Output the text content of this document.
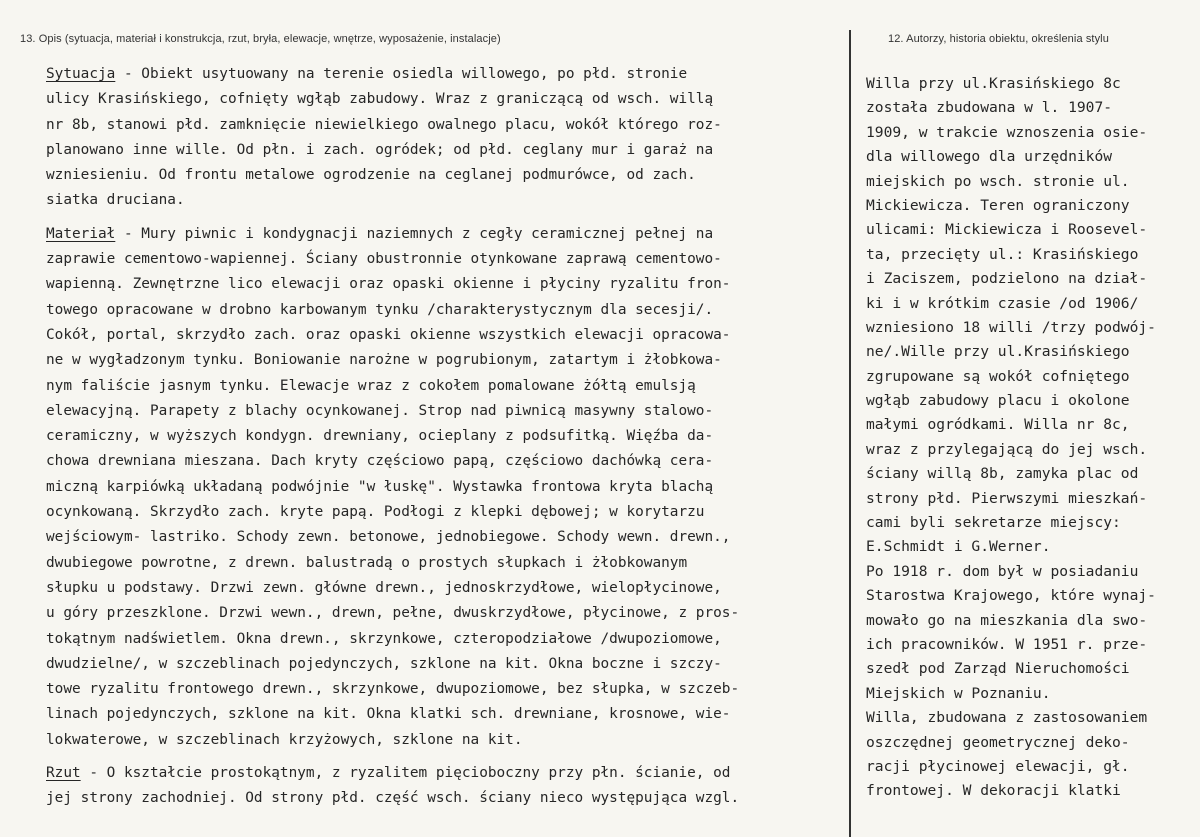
13. Opis (sytuacja, materiał i konstrukcja, rzut, bryła, elewacje, wnętrze, wyposażenie, instalacje)	12. Autorzy, historia obiektu, określenia stylu
Sytuacja - Obiekt usytuowany na terenie osiedla willowego, po płd. stronie
ulicy Krasińskiego, cofnięty wgłąb zabudowy. Wraz z graniczącą od wsch. willą
nr 8b, stanowi płd. zamknięcie niewielkiego owalnego placu, wokół którego roz-
planowano inne wille. Od płn. i zach. ogródek; od płd. ceglany mur i garaż na
wzniesieniu. Od frontu metalowe ogrodzenie na ceglanej podmurówce, od zach.
siatka druciana.
Materiał - Mury piwnic i kondygnacji naziemnych z cegły ceramicznej pełnej na
zaprawie cementowo-wapiennej. Ściany obustronnie otynkowane zaprawą cementowo-
wapienną. Zewnętrzne lico elewacji oraz opaski okienne i płyciny ryzalitu fron-
towego opracowane w drobno karbowanym tynku /charakterystycznym dla secesji/.
Cokół, portal, skrzydło zach. oraz opaski okienne wszystkich elewacji opracowa-
ne w wygładzonym tynku. Boniowanie narożne w pogrubionym, zatartym i żłobkowa-
nym faliście jasnym tynku. Elewacje wraz z cokołem pomalowane żółtą emulsją
elewacyjną. Parapety z blachy ocynkowanej. Strop nad piwnicą masywny stalowo-
ceramiczny, w wyższych kondygn. drewniany, ocieplany z podsufitką. Więźba da-
chowa drewniana mieszana. Dach kryty częściowo papą, częściowo dachówką cera-
miczną karpiówką układaną podwójnie "w łuskę". Wystawka frontowa kryta blachą
ocynkowaną. Skrzydło zach. kryte papą. Podłogi z klepki dębowej; w korytarzu
wejściowym- lastriko. Schody zewn. betonowe, jednobiegowe. Schody wewn. drewn.,
dwubiegowe powrotne, z drewn. balustradą o prostych słupkach i żłobkowanym
słupku u podstawy. Drzwi zewn. główne drewn., jednoskrzydłowe, wielopłycinowe,
u góry przeszklone. Drzwi wewn., drewn, pełne, dwuskrzydłowe, płycinowe, z pros-
tokątnym nadświetlem. Okna drewn., skrzynkowe, czteropodziałowe /dwupoziomowe,
dwudzielne/, w szczeblinach pojedynczych, szklone na kit. Okna boczne i szczy-
towe ryzalitu frontowego drewn., skrzynkowe, dwupoziomowe, bez słupka, w szczeb-
linach pojedynczych, szklone na kit. Okna klatki sch. drewniane, krosnowe, wie-
lokwaterowe, w szczeblinach krzyżowych, szklone na kit.
Rzut - O kształcie prostokątnym, z ryzalitem pięcioboczny przy płn. ścianie, od
jej strony zachodniej. Od strony płd. część wsch. ściany nieco występująca wzgl.
Willa przy ul.Krasińskiego 8c
została zbudowana w l. 1907-
1909, w trakcie wznoszenia osie-
dla willowego dla urzędników
miejskich po wsch. stronie ul.
Mickiewicza. Teren ograniczony
ulicami: Mickiewicza i Roosevel-
ta, przecięty ul.: Krasińskiego
i Zaciszem, podzielono na dział-
ki i w krótkim czasie /od 1906/
wzniesiono 18 willi /trzy podwój-
ne/.Wille przy ul.Krasińskiego
zgrupowane są wokół cofniętego
wgłąb zabudowy placu i okolone
małymi ogródkami. Willa nr 8c,
wraz z przylegającą do jej wsch.
ściany willą 8b, zamyka plac od
strony płd. Pierwszymi mieszkań-
cami byli sekretarze miejscy:
E.Schmidt i G.Werner.
Po 1918 r. dom był w posiadaniu
Starostwa Krajowego, które wynaj-
mowało go na mieszkania dla swo-
ich pracowników. W 1951 r. prze-
szedł pod Zarząd Nieruchomości
Miejskich w Poznaniu.
Willa, zbudowana z zastosowaniem
oszczędnej geometrycznej deko-
racji płycinowej elewacji, gł.
frontowej. W dekoracji klatki
